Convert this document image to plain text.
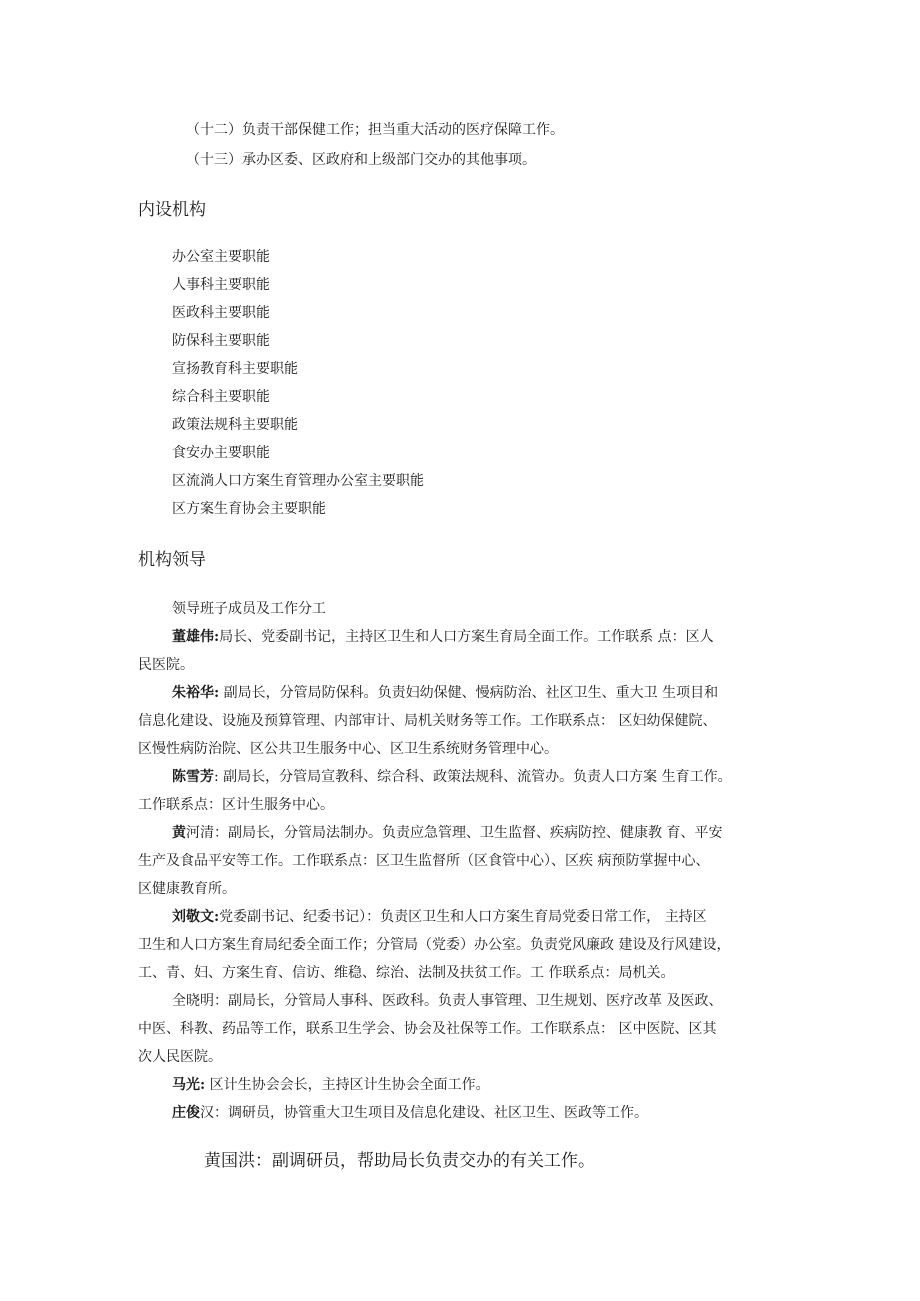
（十二）负责干部保健工作；担当重大活动的医疗保障工作。
（十三）承办区委、区政府和上级部门交办的其他事项。
内设机构
办公室主要职能
人事科主要职能
医政科主要职能
防保科主要职能
宣扬教育科主要职能
综合科主要职能
政策法规科主要职能
食安办主要职能
区流淌人口方案生育管理办公室主要职能
区方案生育协会主要职能
机构领导
领导班子成员及工作分工
董雄伟:局长、党委副书记，主持区卫生和人口方案生育局全面工作。工作联系 点：区人
民医院。
朱裕华: 副局长，分管局防保科。负责妇幼保健、慢病防治、社区卫生、重大卫 生项目和
信息化建设、设施及预算管理、内部审计、局机关财务等工作。工作联系点： 区妇幼保健院、
区慢性病防治院、区公共卫生服务中心、区卫生系统财务管理中心。
陈雪芳: 副局长，分管局宣教科、综合科、政策法规科、流管办。负责人口方案 生育工作。
工作联系点：区计生服务中心。
黄河清：副局长，分管局法制办。负责应急管理、卫生监督、疾病防控、健康教 育、平安
生产及食品平安等工作。工作联系点：区卫生监督所（区食管中心）、区疾 病预防掌握中心、
区健康教育所。
刘敬文:党委副书记、纪委书记）：负责区卫生和人口方案生育局党委日常工作， 主持区
卫生和人口方案生育局纪委全面工作；分管局（党委）办公室。负责党风廉政 建设及行风建设，
工、青、妇、方案生育、信访、维稳、综治、法制及扶贫工作。工 作联系点：局机关。
全晓明：副局长，分管局人事科、医政科。负责人事管理、卫生规划、医疗改革 及医政、
中医、科教、药品等工作，联系卫生学会、协会及社保等工作。工作联系点： 区中医院、区其
次人民医院。
马光: 区计生协会会长，主持区计生协会全面工作。
庄俊汉：调研员，协管重大卫生项目及信息化建设、社区卫生、医政等工作。
黄国洪：副调研员，帮助局长负责交办的有关工作。
